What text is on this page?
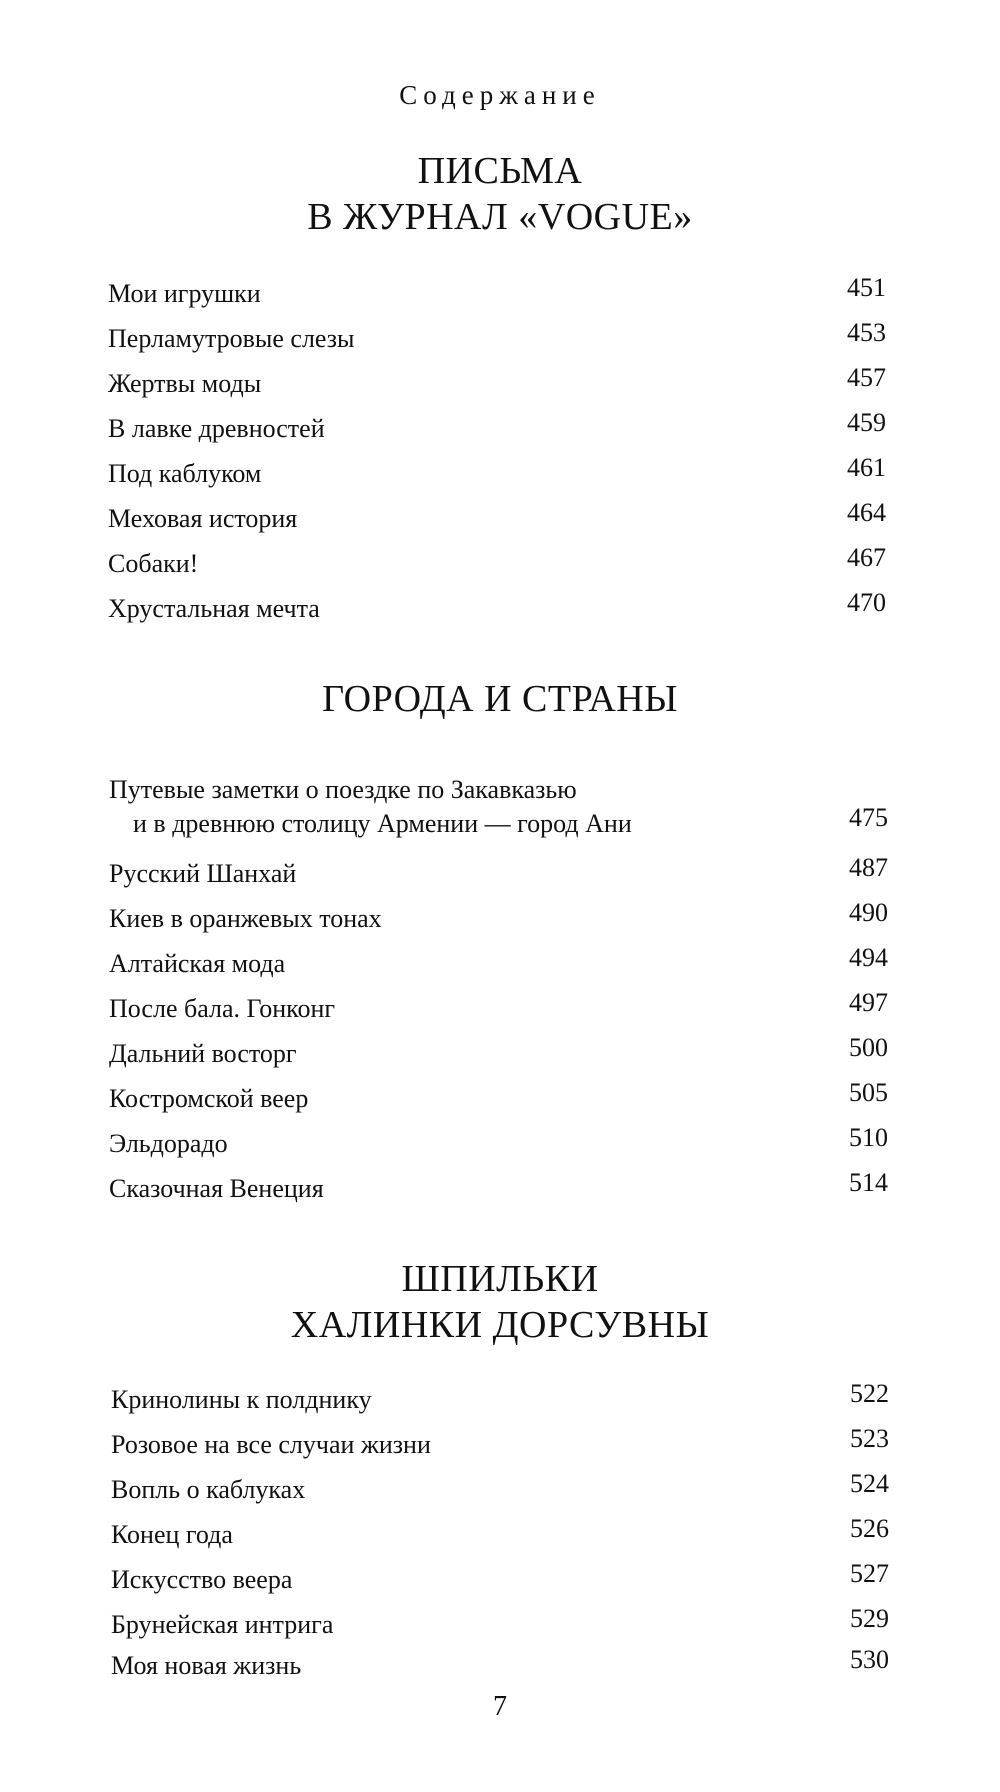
Содержание
ПИСЬМА
В ЖУРНАЛ «VOGUE»
Мои игрушки	451
Перламутровые слезы	453
Жертвы моды	457
В лавке древностей	459
Под каблуком	461
Меховая история	464
Собаки!	467
Хрустальная мечта	470
ГОРОДА И СТРАНЫ
Путевые заметки о поездке по Закавказью
и в древнюю столицу Армении — город Ани	475
Русский Шанхай	487
Киев в оранжевых тонах	490
Алтайская мода	494
После бала. Гонконг	497
Дальний восторг	500
Костромской веер	505
Эльдорадо	510
Сказочная Венеция	514
ШПИЛЬКИ
ХАЛИНКИ ДОРСУВНЫ
Кринолины к полднику	522
Розовое на все случаи жизни	523
Вопль о каблуках	524
Конец года	526
Искусство веера	527
Брунейская интрига	529
Моя новая жизнь	530
7
